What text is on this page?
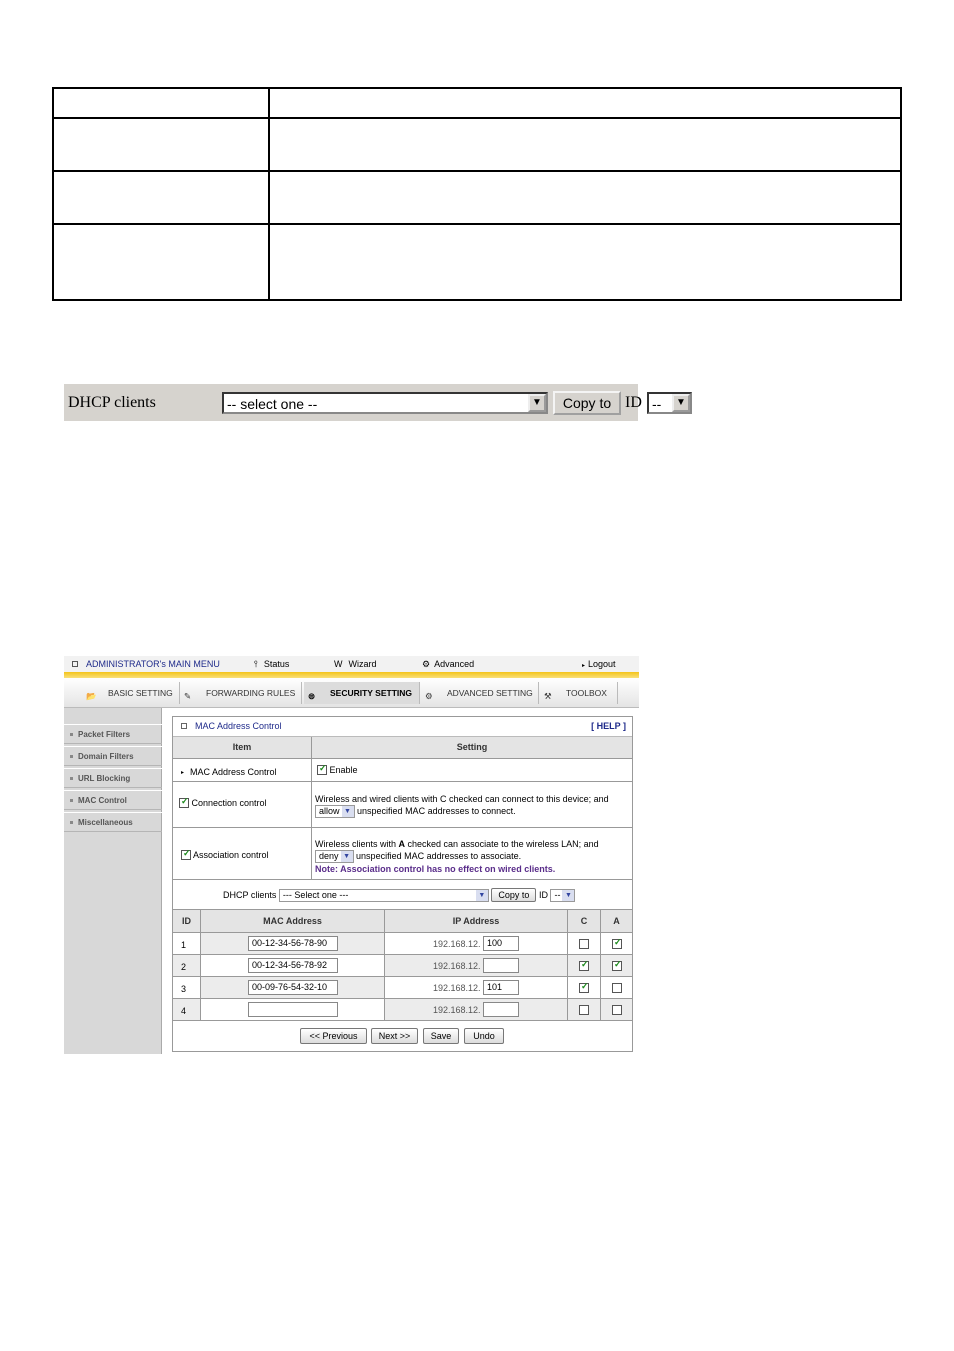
DHCP clients	-- select one --	▼	Copy to ID --	▼
ADMINISTRATOR's MAIN MENU	⫯ Status	W Wizard	⚙ Advanced	▸ Logout
📂 BASIC SETTING	✎ FORWARDING RULES	⊜ SECURITY SETTING	⚙ ADVANCED SETTING	⚒ TOOLBOX
Packet Filters
Domain Filters
URL Blocking
MAC Control
Miscellaneous
MAC Address Control	[ HELP ]
Item	Setting
▸ MAC Address Control
✓	Enable
✓ Connection control	Wireless and wired clients with C checked can connect to this device; and
allow ▼ unspecified MAC addresses to connect.
✓ Association control
Wireless clients with A checked can associate to the wireless LAN; and
deny ▼ unspecified MAC addresses to associate.
Note: Association control has no effect on wired clients.
DHCP clients --- Select one ---	▼ Copy to ID -- ▼
ID	MAC Address	IP Address	C	A
1	00-12-34-56-78-90	192.168.12. 100
✓
2	00-12-34-56-78-92	192.168.12.
✓
✓
3	00-09-76-54-32-10	192.168.12. 101
✓
4	192.168.12.
<< Previous	Next >>	Save	Undo
